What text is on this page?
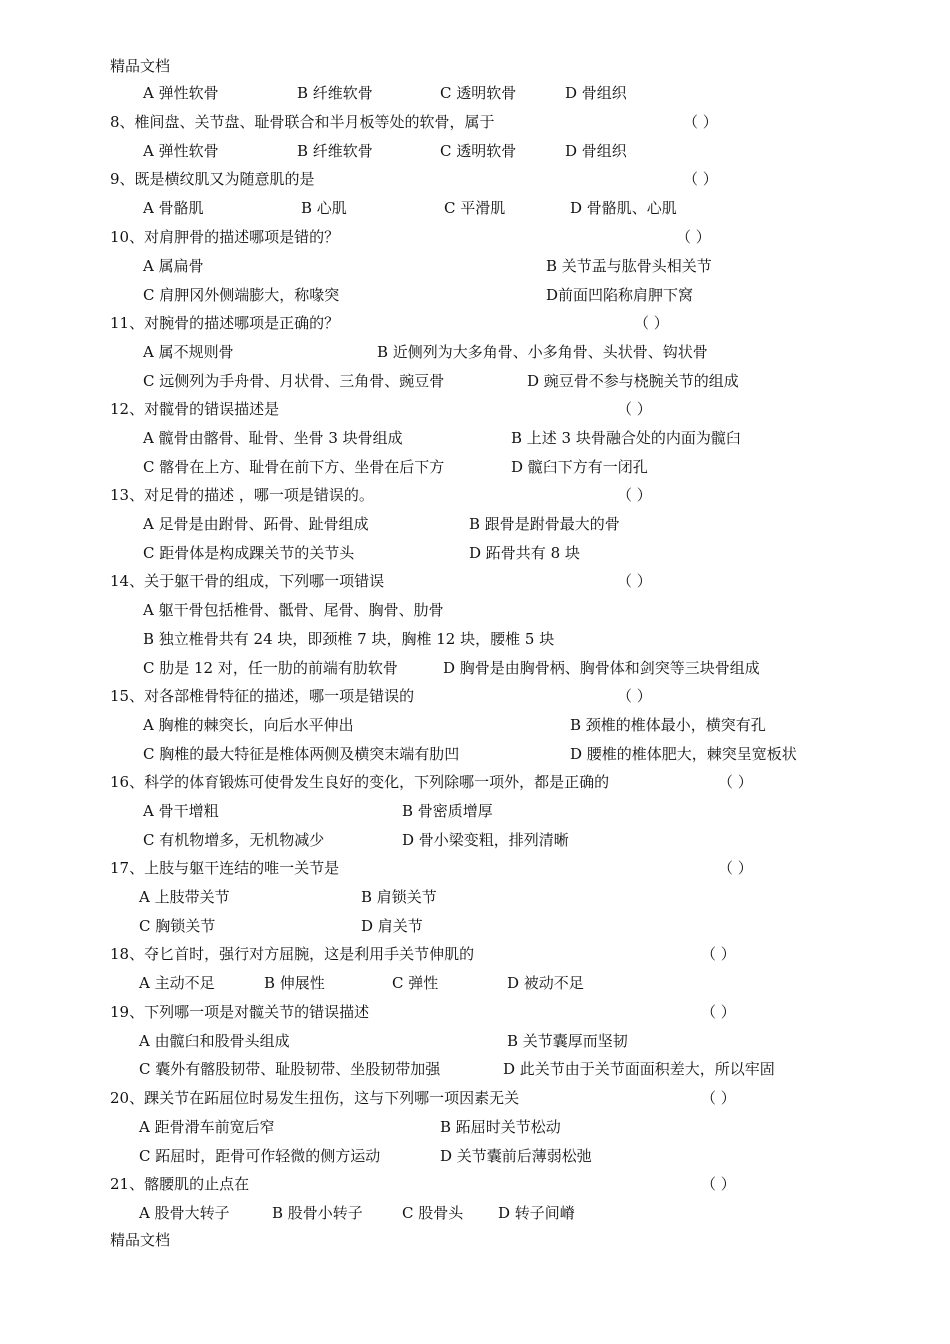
精品文档
A 弹性软骨	B 纤维软骨	C 透明软骨	D 骨组织
8、椎间盘、关节盘、耻骨联合和半月板等处的软骨，属于	（ ）
A 弹性软骨	B 纤维软骨	C 透明软骨	D 骨组织
9、既是横纹肌又为随意肌的是	（ ）
A 骨骼肌	B 心肌	C 平滑肌	D 骨骼肌、心肌
10、对肩胛骨的描述哪项是错的？	（ ）
A 属扁骨	B 关节盂与肱骨头相关节
C 肩胛冈外侧端膨大，称喙突	D前面凹陷称肩胛下窝
11、对腕骨的描述哪项是正确的？	（ ）
A 属不规则骨	B 近侧列为大多角骨、小多角骨、头状骨、钩状骨
C 远侧列为手舟骨、月状骨、三角骨、豌豆骨	D 豌豆骨不参与桡腕关节的组成
12、对髋骨的错误描述是	（ ）
A 髋骨由髂骨、耻骨、坐骨 3 块骨组成	B 上述 3 块骨融合处的内面为髋臼
C 髂骨在上方、耻骨在前下方、坐骨在后下方	D 髋臼下方有一闭孔
13、对足骨的描述 ，哪一项是错误的。	（ ）
A 足骨是由跗骨、跖骨、趾骨组成	B 跟骨是跗骨最大的骨
C 距骨体是构成踝关节的关节头	D 跖骨共有 8 块
14、关于躯干骨的组成，下列哪一项错误	（ ）
A 躯干骨包括椎骨、骶骨、尾骨、胸骨、肋骨
B 独立椎骨共有 24 块，即颈椎 7 块，胸椎 12 块，腰椎 5 块
C 肋是 12 对，任一肋的前端有肋软骨	D 胸骨是由胸骨柄、胸骨体和剑突等三块骨组成
15、对各部椎骨特征的描述，哪一项是错误的	（ ）
A 胸椎的棘突长，向后水平伸出	B 颈椎的椎体最小，横突有孔
C 胸椎的最大特征是椎体两侧及横突末端有肋凹	D 腰椎的椎体肥大，棘突呈宽板状
16、科学的体育锻炼可使骨发生良好的变化，下列除哪一项外，都是正确的	（ ）
A 骨干增粗	B 骨密质增厚
C 有机物增多，无机物减少	D 骨小梁变粗，排列清晰
17、上肢与躯干连结的唯一关节是	（ ）
A 上肢带关节	B 肩锁关节
C 胸锁关节	D 肩关节
18、夺匕首时，强行对方屈腕，这是利用手关节伸肌的	（ ）
A 主动不足	B 伸展性	C 弹性	D 被动不足
19、下列哪一项是对髋关节的错误描述	（ ）
A 由髋臼和股骨头组成	B 关节囊厚而坚韧
C 囊外有髂股韧带、耻股韧带、坐股韧带加强	D 此关节由于关节面面积差大，所以牢固
20、踝关节在跖屈位时易发生扭伤，这与下列哪一项因素无关	（ ）
A 距骨滑车前宽后窄	B 跖屈时关节松动
C 跖屈时，距骨可作轻微的侧方运动	D 关节囊前后薄弱松弛
21、髂腰肌的止点在	（ ）
A 股骨大转子	B 股骨小转子	C 股骨头 D 转子间嵴
精品文档
